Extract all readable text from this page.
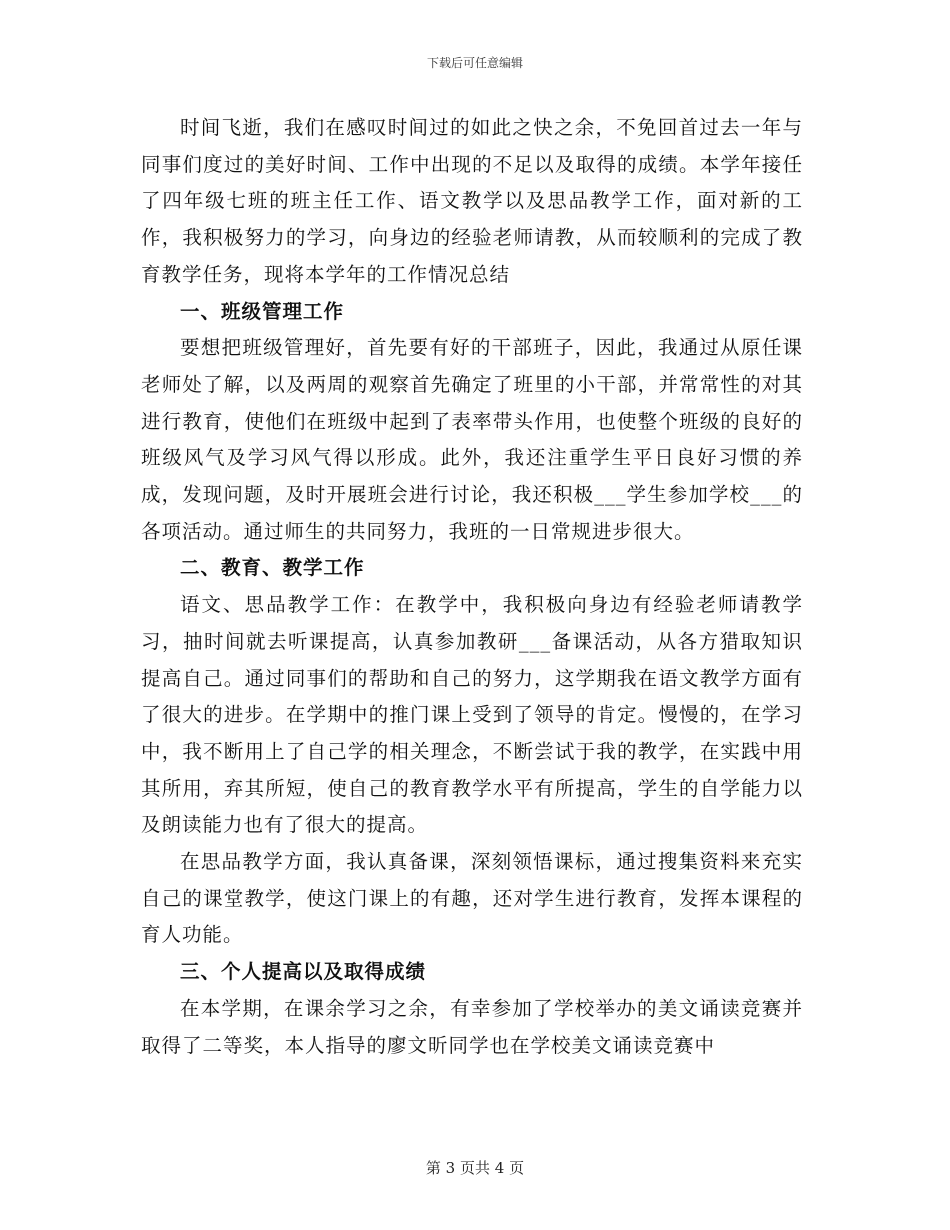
下载后可任意编辑

时间飞逝，我们在感叹时间过的如此之快之余，不免回首过去一年与同事们度过的美好时间、工作中出现的不足以及取得的成绩。本学年接任了四年级七班的班主任工作、语文教学以及思品教学工作，面对新的工作，我积极努力的学习，向身边的经验老师请教，从而较顺利的完成了教育教学任务，现将本学年的工作情况总结

一、班级管理工作

要想把班级管理好，首先要有好的干部班子，因此，我通过从原任课老师处了解，以及两周的观察首先确定了班里的小干部，并常常性的对其进行教育，使他们在班级中起到了表率带头作用，也使整个班级的良好的班级风气及学习风气得以形成。此外，我还注重学生平日良好习惯的养成，发现问题，及时开展班会进行讨论，我还积极___学生参加学校___的各项活动。通过师生的共同努力，我班的一日常规进步很大。

二、教育、教学工作

语文、思品教学工作：在教学中，我积极向身边有经验老师请教学习，抽时间就去听课提高，认真参加教研___备课活动，从各方猎取知识提高自己。通过同事们的帮助和自己的努力，这学期我在语文教学方面有了很大的进步。在学期中的推门课上受到了领导的肯定。慢慢的，在学习中，我不断用上了自己学的相关理念，不断尝试于我的教学，在实践中用其所用，弃其所短，使自己的教育教学水平有所提高，学生的自学能力以及朗读能力也有了很大的提高。

在思品教学方面，我认真备课，深刻领悟课标，通过搜集资料来充实自己的课堂教学，使这门课上的有趣，还对学生进行教育，发挥本课程的育人功能。

三、个人提高以及取得成绩

在本学期，在课余学习之余，有幸参加了学校举办的美文诵读竞赛并取得了二等奖，本人指导的廖文昕同学也在学校美文诵读竞赛中

第 3 页共 4 页
